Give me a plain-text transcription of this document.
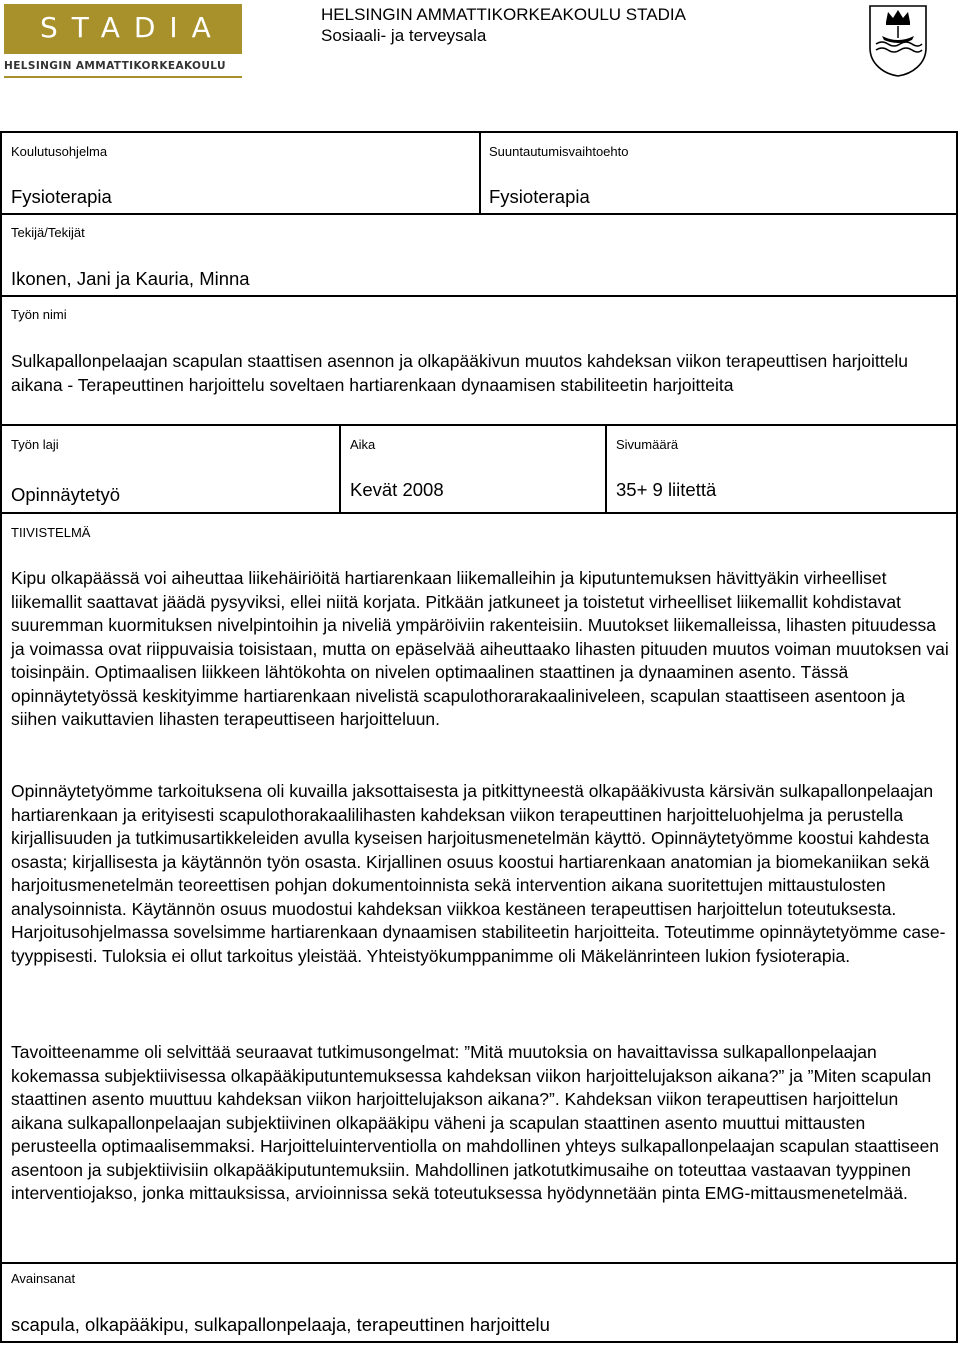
STADIA
HELSINGIN AMMATTIKORKEAKOULU
HELSINGIN AMMATTIKORKEAKOULU STADIA
Sosiaali- ja terveysala
Koulutusohjelma
Fysioterapia
Suuntautumisvaihtoehto
Fysioterapia
Tekijä/Tekijät
Ikonen, Jani ja Kauria, Minna
Työn nimi
Sulkapallonpelaajan scapulan staattisen asennon ja olkapääkivun muutos kahdeksan viikon terapeuttisen harjoittelu aikana - Terapeuttinen harjoittelu soveltaen hartiarenkaan dynaamisen stabiliteetin harjoitteita
Työn laji
Opinnäytetyö
Aika
Kevät 2008
Sivumäärä
35+ 9 liitettä
TIIVISTELMÄ

Kipu olkapäässä voi aiheuttaa liikehäiriöitä hartiarenkaan liikemalleihin ja kiputuntemuksen hävittyäkin virheelliset liikemallit saattavat jäädä pysyviksi, ellei niitä korjata. Pitkään jatkuneet ja toistetut virheelliset liikemallit kohdistavat suuremman kuormituksen nivelpintoihin ja niveliä ympäröiviin rakenteisiin. Muutokset liikemalleissa, lihasten pituudessa ja voimassa ovat riippuvaisia toisistaan, mutta on epäselvää aiheuttaako lihasten pituuden muutos voiman muutoksen vai toisinpäin. Optimaalisen liikkeen lähtökohta on nivelen optimaalinen staattinen ja dynaaminen asento. Tässä opinnäytetyössä keskityimme hartiarenkaan nivelistä scapulothorarakaaliniveleen, scapulan staattiseen asentoon ja siihen vaikuttavien lihasten terapeuttiseen harjoitteluun.

Opinnäytetyömme tarkoituksena oli kuvailla jaksottaisesta ja pitkittyneestä olkapääkivusta kärsivän sulkapallonpelaajan hartiarenkaan ja erityisesti scapulothorakaalilihasten kahdeksan viikon terapeuttinen harjoitteluohjelma ja perustella kirjallisuuden ja tutkimusartikkeleiden avulla kyseisen harjoitusmenetelmän käyttö. Opinnäytetyömme koostui kahdesta osasta; kirjallisesta ja käytännön työn osasta. Kirjallinen osuus koostui hartiarenkaan anatomian ja biomekaniikan sekä harjoitusmenetelmän teoreettisen pohjan dokumentoinnista sekä intervention aikana suoritettujen mittaustulosten analysoinnista. Käytännön osuus muodostui kahdeksan viikkoa kestäneen terapeuttisen harjoittelun toteutuksesta. Harjoitusohjelmassa sovelsimme hartiarenkaan dynaamisen stabiliteetin harjoitteita. Toteutimme opinnäytetyömme case- tyyppisesti. Tuloksia ei ollut tarkoitus yleistää. Yhteistyökumppanimme oli Mäkelänrinteen lukion fysioterapia.

Tavoitteenamme oli selvittää seuraavat tutkimusongelmat: ”Mitä muutoksia on havaittavissa sulkapallonpelaajan kokemassa subjektiivisessa olkapääkiputuntemuksessa kahdeksan viikon harjoittelujakson aikana?” ja ”Miten scapulan staattinen asento muuttuu kahdeksan viikon harjoittelujakson aikana?”. Kahdeksan viikon terapeuttisen harjoittelun aikana sulkapallonpelaajan subjektiivinen olkapääkipu väheni ja scapulan staattinen asento muuttui mittausten perusteella optimaalisemmaksi. Harjoitteluinterventiolla on mahdollinen yhteys sulkapallonpelaajan scapulan staattiseen asentoon ja subjektiivisiin olkapääkiputuntemuksiin. Mahdollinen jatkotutkimusaihe on toteuttaa vastaavan tyyppinen interventiojakso, jonka mittauksissa, arvioinnissa sekä toteutuksessa hyödynnetään pinta EMG-mittausmenetelmää.

Avainsanat
scapula, olkapääkipu, sulkapallonpelaaja, terapeuttinen harjoittelu
